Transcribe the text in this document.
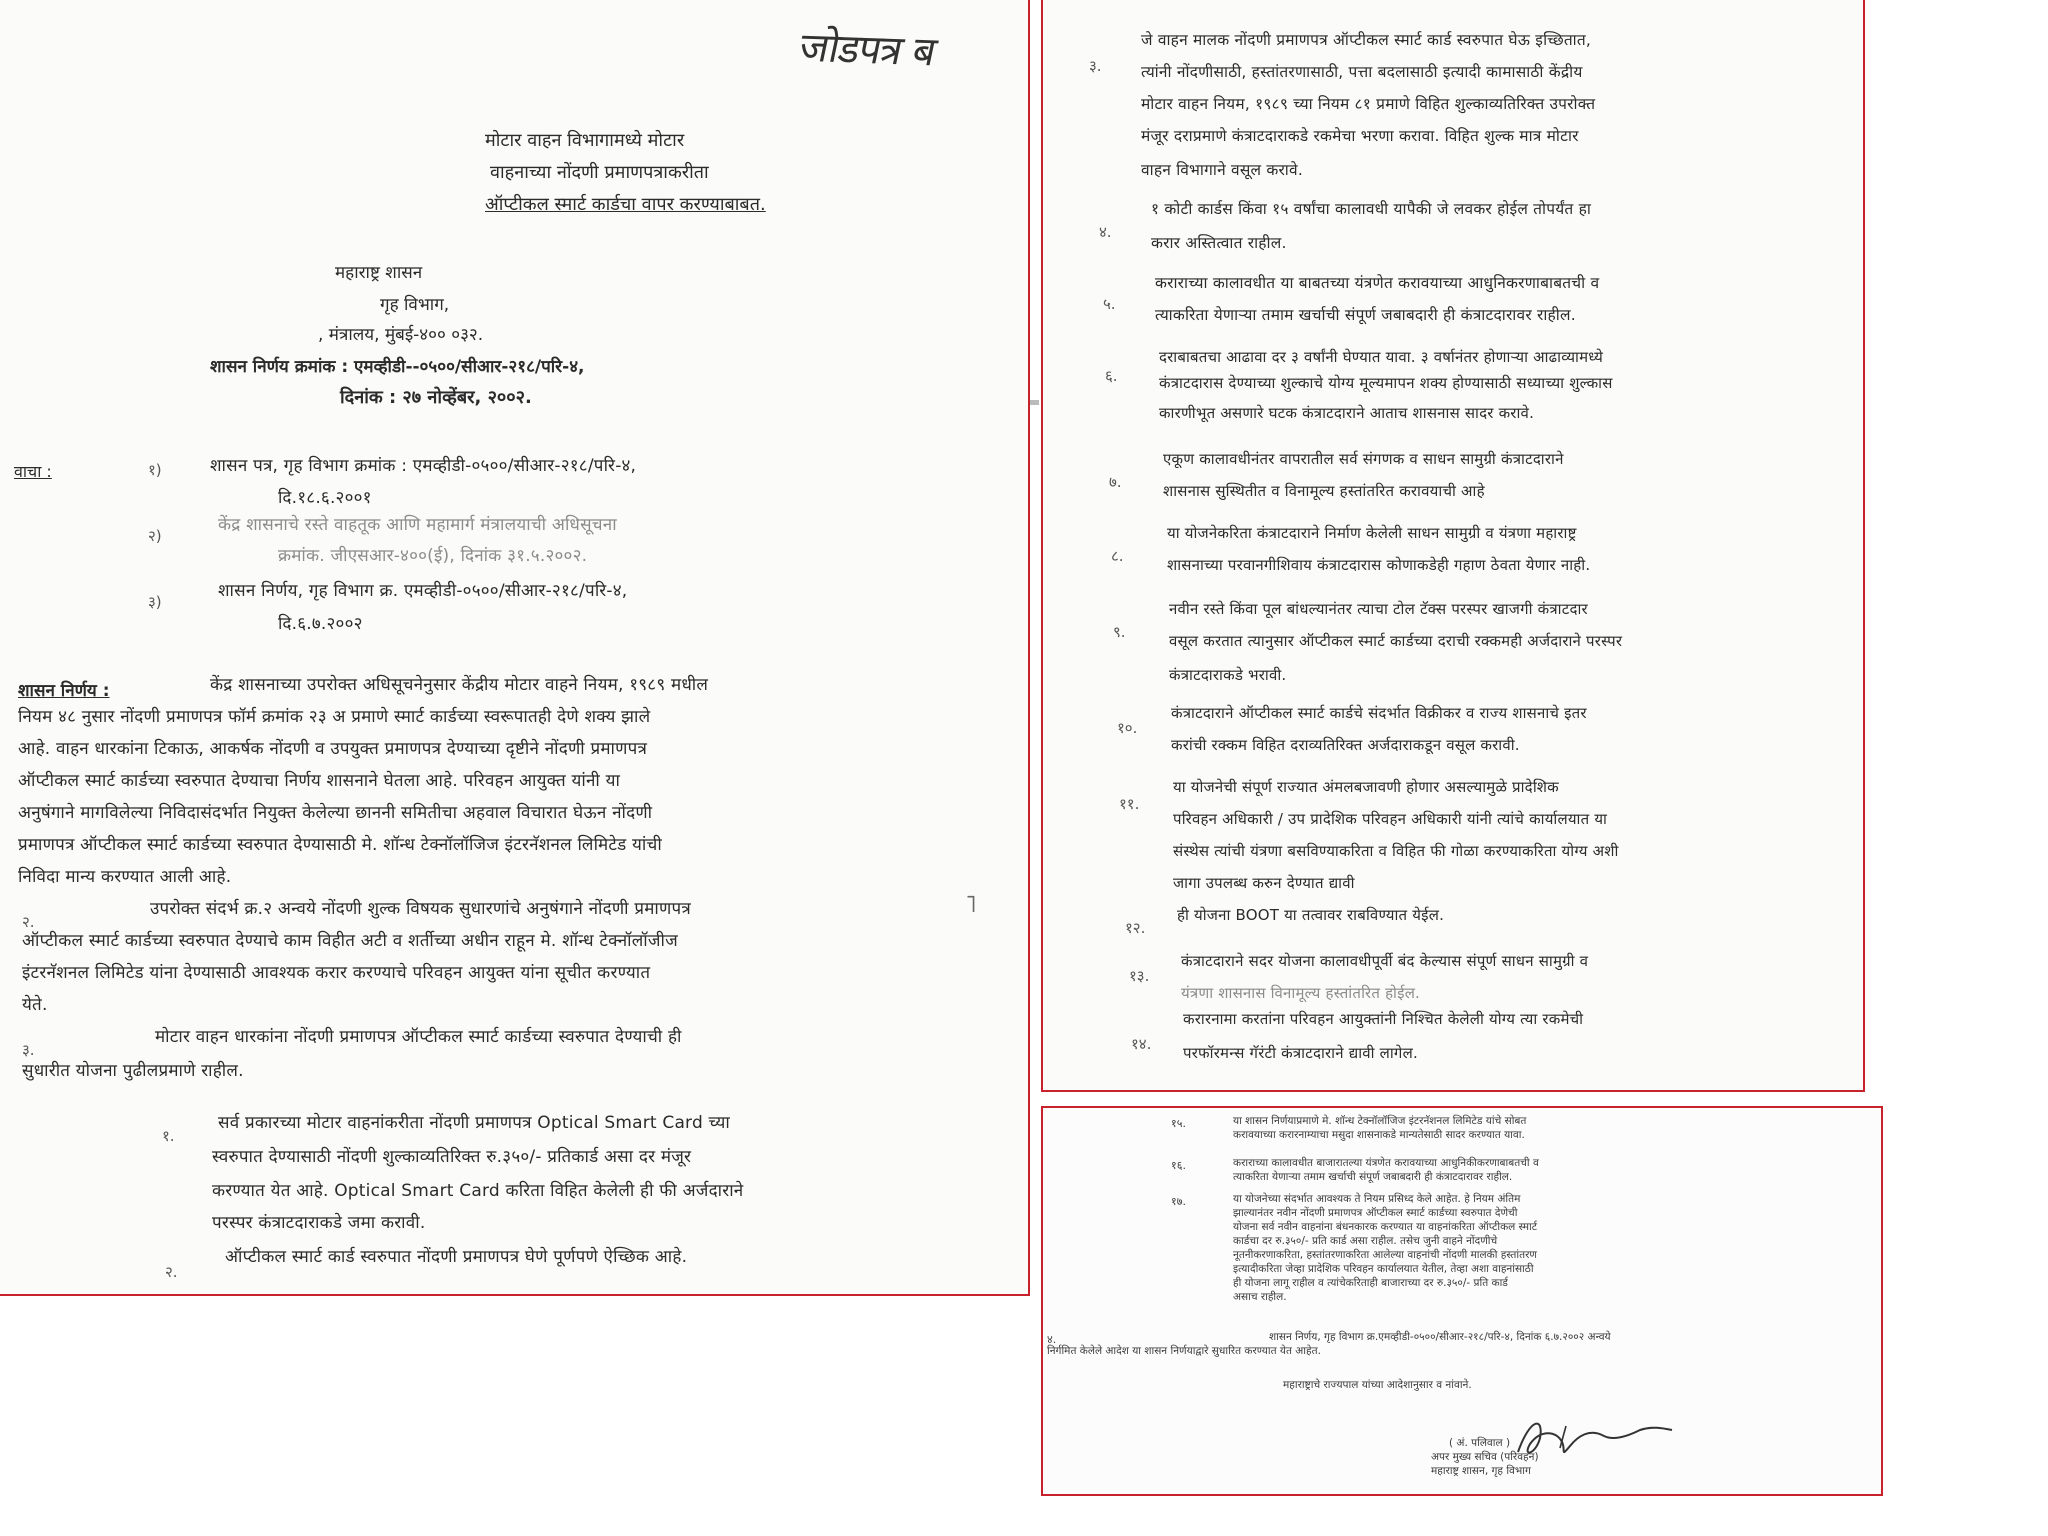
जोडपत्र ब
मोटार वाहन विभागामध्ये मोटार
वाहनाच्या नोंदणी प्रमाणपत्राकरीता
ऑप्टीकल स्मार्ट कार्डचा वापर करण्याबाबत.
महाराष्ट्र शासन
गृह विभाग,
, मंत्रालय, मुंबई-४०० ०३२.
शासन निर्णय क्रमांक : एमव्हीडी--०५००/सीआर-२१८/परि-४,
दिनांक : २७ नोव्हेंबर, २००२.
वाचा :	१)	शासन पत्र, गृह विभाग क्रमांक : एमव्हीडी-०५००/सीआर-२१८/परि-४,
दि.१८.६.२००१
२)
केंद्र शासनाचे रस्ते वाहतूक आणि महामार्ग मंत्रालयाची अधिसूचना
क्रमांक. जीएसआर-४००(ई), दिनांक ३१.५.२००२.
३)
शासन निर्णय, गृह विभाग क्र. एमव्हीडी-०५००/सीआर-२१८/परि-४,
दि.६.७.२००२
शासन निर्णय :	केंद्र शासनाच्या उपरोक्त अधिसूचनेनुसार केंद्रीय मोटार वाहने नियम, १९८९ मधील
नियम ४८ नुसार नोंदणी प्रमाणपत्र फॉर्म क्रमांक २३ अ प्रमाणे स्मार्ट कार्डच्या स्वरूपातही देणे शक्य झाले
आहे. वाहन धारकांना टिकाऊ, आकर्षक नोंदणी व उपयुक्त प्रमाणपत्र देण्याच्या दृष्टीने नोंदणी प्रमाणपत्र
ऑप्टीकल स्मार्ट कार्डच्या स्वरुपात देण्याचा निर्णय शासनाने घेतला आहे. परिवहन आयुक्त यांनी या
अनुषंगाने मागविलेल्या निविदासंदर्भात नियुक्त केलेल्या छाननी समितीचा अहवाल विचारात घेऊन नोंदणी
प्रमाणपत्र ऑप्टीकल स्मार्ट कार्डच्या स्वरुपात देण्यासाठी मे. शॉन्ध टेक्नॉलॉजिज इंटरनॅशनल लिमिटेड यांची
निविदा मान्य करण्यात आली आहे.
२.
उपरोक्त संदर्भ क्र.२ अन्वये नोंदणी शुल्क विषयक सुधारणांचे अनुषंगाने नोंदणी प्रमाणपत्र
ऑप्टीकल स्मार्ट कार्डच्या स्वरुपात देण्याचे काम विहीत अटी व शर्तीच्या अधीन राहून मे. शॉन्ध टेक्नॉलॉजीज
इंटरनॅशनल लिमिटेड यांना देण्यासाठी आवश्यक करार करण्याचे परिवहन आयुक्त यांना सूचीत करण्यात
येते.
३.
मोटार वाहन धारकांना नोंदणी प्रमाणपत्र ऑप्टीकल स्मार्ट कार्डच्या स्वरुपात देण्याची ही
सुधारीत योजना पुढीलप्रमाणे राहील.
१.
सर्व प्रकारच्या मोटार वाहनांकरीता नोंदणी प्रमाणपत्र Optical Smart Card च्या
स्वरुपात देण्यासाठी नोंदणी शुल्काव्यतिरिक्त रु.३५०/- प्रतिकार्ड असा दर मंजूर
करण्यात येत आहे. Optical Smart Card करिता विहित केलेली ही फी अर्जदाराने
परस्पर कंत्राटदाराकडे जमा करावी.
२.
ऑप्टीकल स्मार्ट कार्ड स्वरुपात नोंदणी प्रमाणपत्र घेणे पूर्णपणे ऐच्छिक आहे.
˥
३.
जे वाहन मालक नोंदणी प्रमाणपत्र ऑप्टीकल स्मार्ट कार्ड स्वरुपात घेऊ इच्छितात,
त्यांनी नोंदणीसाठी, हस्तांतरणासाठी, पत्ता बदलासाठी इत्यादी कामासाठी केंद्रीय
मोटार वाहन नियम, १९८९ च्या नियम ८१ प्रमाणे विहित शुल्काव्यतिरिक्त उपरोक्त
मंजूर दराप्रमाणे कंत्राटदाराकडे रकमेचा भरणा करावा. विहित शुल्क मात्र मोटार
वाहन विभागाने वसूल करावे.
४.
१ कोटी कार्डस किंवा १५ वर्षांचा कालावधी यापैकी जे लवकर होईल तोपर्यंत हा
करार अस्तित्वात राहील.
५.
कराराच्या कालावधीत या बाबतच्या यंत्रणेत करावयाच्या आधुनिकरणाबाबतची व
त्याकरिता येणाऱ्या तमाम खर्चाची संपूर्ण जबाबदारी ही कंत्राटदारावर राहील.
६.
दराबाबतचा आढावा दर ३ वर्षांनी घेण्यात यावा. ३ वर्षानंतर होणाऱ्या आढाव्यामध्ये
कंत्राटदारास देण्याच्या शुल्काचे योग्य मूल्यमापन शक्य होण्यासाठी सध्याच्या शुल्कास
कारणीभूत असणारे घटक कंत्राटदाराने आताच शासनास सादर करावे.
७.
एकूण कालावधीनंतर वापरातील सर्व संगणक व साधन सामुग्री कंत्राटदाराने
शासनास सुस्थितीत व विनामूल्य हस्तांतरित करावयाची आहे
८.
या योजनेकरिता कंत्राटदाराने निर्माण केलेली साधन सामुग्री व यंत्रणा महाराष्ट्र
शासनाच्या परवानगीशिवाय कंत्राटदारास कोणाकडेही गहाण ठेवता येणार नाही.
९.
नवीन रस्ते किंवा पूल बांधल्यानंतर त्याचा टोल टॅक्स परस्पर खाजगी कंत्राटदार
वसूल करतात त्यानुसार ऑप्टीकल स्मार्ट कार्डच्या दराची रक्कमही अर्जदाराने परस्पर
कंत्राटदाराकडे भरावी.
१०.
कंत्राटदाराने ऑप्टीकल स्मार्ट कार्डचे संदर्भात विक्रीकर व राज्य शासनाचे इतर
करांची रक्कम विहित दराव्यतिरिक्त अर्जदाराकडून वसूल करावी.
११.
या योजनेची संपूर्ण राज्यात अंमलबजावणी होणार असल्यामुळे प्रादेशिक
परिवहन अधिकारी / उप प्रादेशिक परिवहन अधिकारी यांनी त्यांचे कार्यालयात या
संस्थेस त्यांची यंत्रणा बसविण्याकरिता व विहित फी गोळा करण्याकरिता योग्य अशी
जागा उपलब्ध करुन देण्यात द्यावी
१२.
ही योजना BOOT या तत्वावर राबविण्यात येईल.
१३.
कंत्राटदाराने सदर योजना कालावधीपूर्वी बंद केल्यास संपूर्ण साधन सामुग्री व
यंत्रणा शासनास विनामूल्य हस्तांतरित होईल.
१४.
करारनामा करतांना परिवहन आयुक्तांनी निश्चित केलेली योग्य त्या रकमेची
परफॉरमन्स गॅरंटी कंत्राटदाराने द्यावी लागेल.
१५.	या शासन निर्णयाप्रमाणे मे. शॉन्ध टेक्नॉलॉजिज इंटरनॅशनल लिमिटेड यांचे सोबत
करावयाच्या करारनाम्याचा मसुदा शासनाकडे मान्यतेसाठी सादर करण्यात यावा.
१६.	कराराच्या कालावधीत बाजारातल्या यंत्रणेत करावयाच्या आधुनिकीकरणाबाबतची व
त्याकरिता येणाऱ्या तमाम खर्चाची संपूर्ण जबाबदारी ही कंत्राटदारावर राहील.
१७.	या योजनेच्या संदर्भात आवश्यक ते नियम प्रसिध्द केले आहेत. हे नियम अंतिम
झाल्यानंतर नवीन नोंदणी प्रमाणपत्र ऑप्टीकल स्मार्ट कार्डच्या स्वरुपात देणेची
योजना सर्व नवीन वाहनांना बंधनकारक करण्यात या वाहनांकरिता ऑप्टीकल स्मार्ट
कार्डचा दर रु.३५०/- प्रति कार्ड असा राहील. तसेच जुनी वाहने नोंदणीचे
नूतनीकरणाकरिता, हस्तांतरणाकरिता आलेल्या वाहनांची नोंदणी मालकी हस्तांतरण
इत्यादीकरिता जेव्हा प्रादेशिक परिवहन कार्यालयात येतील, तेव्हा अशा वाहनांसाठी
ही योजना लागू राहील व त्यांचेकरिताही बाजाराच्या दर रु.३५०/- प्रति कार्ड
असाच राहील.
४.	शासन निर्णय, गृह विभाग क्र.एमव्हीडी-०५००/सीआर-२१८/परि-४, दिनांक ६.७.२००२ अन्वये
निर्गमित केलेले आदेश या शासन निर्णयाद्वारे सुधारित करण्यात येत आहेत.
महाराष्ट्राचे राज्यपाल यांच्या आदेशानुसार व नांवाने.
( अं. पलिवाल )
अपर मुख्य सचिव (परिवहन)
महाराष्ट्र शासन, गृह विभाग
